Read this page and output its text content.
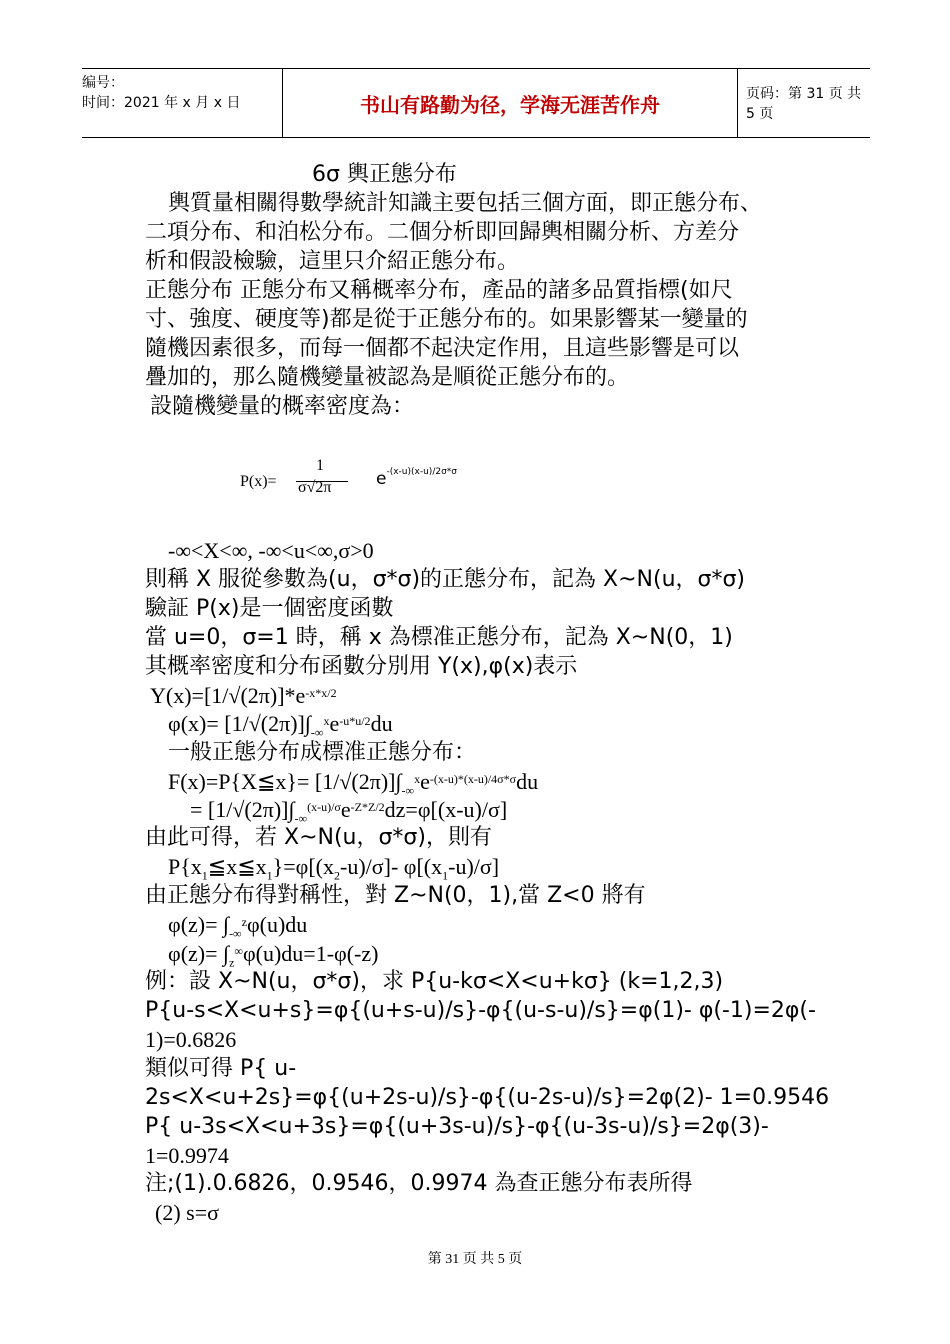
编号：
时间：2021 年 x 月 x 日	书山有路勤为径，学海无涯苦作舟	页码：第 31 页 共 5 页
6σ 輿正態分布
輿質量相關得數學統計知識主要包括三個方面，即正態分布、
二項分布、和泊松分布。二個分析即回歸輿相關分析、方差分
析和假設檢驗，這里只介紹正態分布。
正態分布 正態分布又稱概率分布，產品的諸多品質指標(如尺
寸、強度、硬度等)都是從于正態分布的。如果影響某一變量的
隨機因素很多，而每一個都不起決定作用，且這些影響是可以
疊加的，那么隨機變量被認為是順從正態分布的。
設隨機變量的概率密度為：
P(x)=
1
σ√2π	$e^{-(x-u)(x-u)/2\sigma*\sigma}$
-∞<X<∞, -∞<u<∞,σ>0
則稱 X 服從參數為(u，σ*σ)的正態分布，記為 X~N(u，σ*σ)
驗証 P(x)是一個密度函數
當 u=0，σ=1 時，稱 x 為標准正態分布，記為 X~N(0，1)
其概率密度和分布函數分別用 Y(x),φ(x)表示
$Y(x)=[1/√(2\pi)]*e^{-x*x/2}$
$\varphi(x)= [1/√(2\pi)]\int_{-\infty}^xe^{-u*u/2}du$
一般正態分布成標准正態分布：
F(x)=P{X≦x}= $[1/√(2\pi)]\int_{-\infty}^xe^{-(x-u)*(x-u)/4\sigma*\sigma}du$
= $[1/√(2\pi)]\int_{-\infty}^{(x-u)/\sigma}e^{-Z*Z/2}dz=\varphi[(x-u)/\sigma]$
由此可得，若 X~N(u，σ*σ)，則有
$P\{x_1≦x≦x_1\}=\varphi[(x_2-u)/\sigma]-$ $\varphi[(x_1-u)/\sigma]$
由正態分布得對稱性，對 Z~N(0，1),當 Z<0 將有
$\varphi(z)= \int_{-\infty}^z\varphi(u)du$
$\varphi(z)= \int_z^\infty\varphi(u)du=1-\varphi(-z)$
例：設 X~N(u，σ*σ)，求 P{u-kσ<X<u+kσ} (k=1,2,3)
P{u-s<X<u+s}=φ{(u+s-u)/s}-φ{(u-s-u)/s}=φ(1)- φ(-1)=2φ(-
1)=0.6826
類似可得 P{ u-
2s<X<u+2s}=φ{(u+2s-u)/s}-φ{(u-2s-u)/s}=2φ(2)- 1=0.9546
P{ u-3s<X<u+3s}=φ{(u+3s-u)/s}-φ{(u-3s-u)/s}=2φ(3)-
1=0.9974
注;(1).0.6826，0.9546，0.9974 為查正態分布表所得
(2) s=σ
第 31 页 共 5 页
